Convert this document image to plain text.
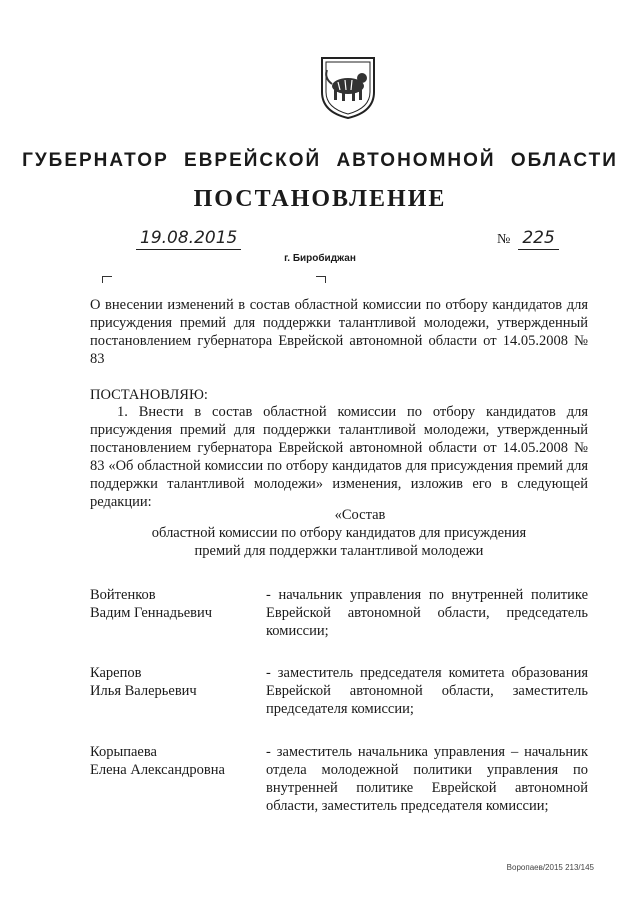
ГУБЕРНАТОР ЕВРЕЙСКОЙ АВТОНОМНОЙ ОБЛАСТИ
ПОСТАНОВЛЕНИЕ
19.08.2015	№ 225
г. Биробиджан
О внесении изменений в состав областной комиссии по отбору кандидатов для присуждения премий для поддержки талантливой молодежи, утвержденный постановлением губернатора Еврейской автономной области от 14.05.2008 № 83
ПОСТАНОВЛЯЮ:

1. Внести в состав областной комиссии по отбору кандидатов для присуждения премий для поддержки талантливой молодежи, утвержденный постановлением губернатора Еврейской автономной области от 14.05.2008 № 83 «Об областной комиссии по отбору кандидатов для присуждения премий для поддержки талантливой молодежи» изменения, изложив его в следующей редакции:

«Состав
областной комиссии по отбору кандидатов для присуждения
премий для поддержки талантливой молодежи
Войтенков
Вадим Геннадьевич
- начальник управления по внутренней политике Еврейской автономной области, председатель комиссии;
Карепов
Илья Валерьевич
- заместитель председателя комитета образования Еврейской автономной области, заместитель председателя комиссии;
Корыпаева
Елена Александровна
- заместитель начальника управления – начальник отдела молодежной политики управления по внутренней политике Еврейской автономной области, заместитель председателя комиссии;
Воропаев/2015 213/145
